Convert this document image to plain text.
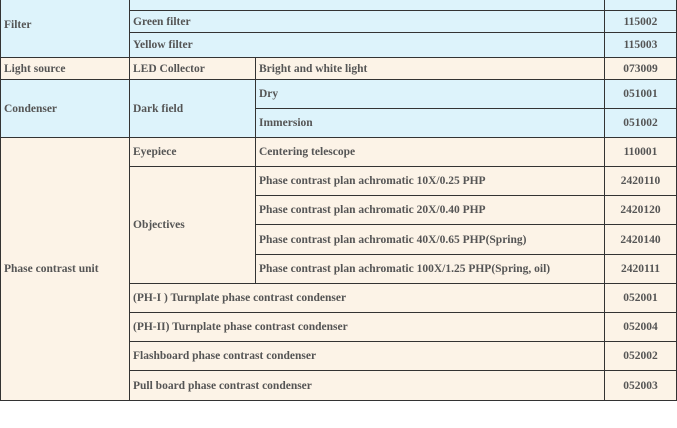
Filter			
	Green filter		115002
	Yellow filter		115003
Light source	LED Collector	Bright and white light	073009
Condenser	Dark field	Dry	051001
		Immersion	051002
Phase contrast unit	Eyepiece	Centering telescope	110001
	Objectives	Phase contrast plan achromatic 10X/0.25 PHP	2420110
		Phase contrast plan achromatic 20X/0.40 PHP	2420120
		Phase contrast plan achromatic 40X/0.65 PHP(Spring)	2420140
		Phase contrast plan achromatic 100X/1.25 PHP(Spring, oil)	2420111
	(PH-I ) Turnplate phase contrast condenser		052001
	(PH-II) Turnplate phase contrast condenser		052004
	Flashboard phase contrast condenser		052002
	Pull board phase contrast condenser		052003
